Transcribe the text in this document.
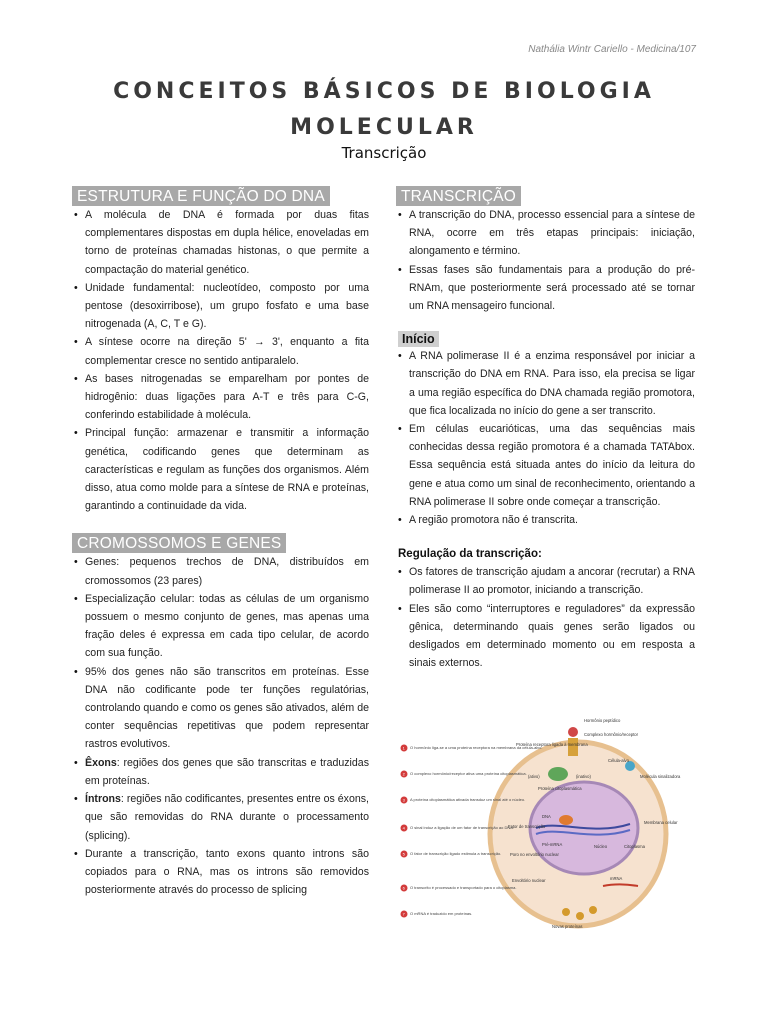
Nathália Wintr Cariello - Medicina/107
CONCEITOS BÁSICOS DE BIOLOGIA
MOLECULAR
Transcrição
ESTRUTURA E FUNÇÃO DO DNA
• A molécula de DNA é formada por duas fitas complementares dispostas em dupla hélice, enoveladas em torno de proteínas chamadas histonas, o que permite a compactação do material genético.
• Unidade fundamental: nucleotídeo, composto por uma pentose (desoxirribose), um grupo fosfato e uma base nitrogenada (A, C, T e G).
• A síntese ocorre na direção 5' → 3', enquanto a fita complementar cresce no sentido antiparalelo.
• As bases nitrogenadas se emparelham por pontes de hidrogênio: duas ligações para A-T e três para C-G, conferindo estabilidade à molécula.
• Principal função: armazenar e transmitir a informação genética, codificando genes que determinam as características e regulam as funções dos organismos. Além disso, atua como molde para a síntese de RNA e proteínas, garantindo a continuidade da vida.
CROMOSSOMOS E GENES
• Genes: pequenos trechos de DNA, distribuídos em cromossomos (23 pares)
• Especialização celular: todas as células de um organismo possuem o mesmo conjunto de genes, mas apenas uma fração deles é expressa em cada tipo celular, de acordo com sua função.
• 95% dos genes não são transcritos em proteínas. Esse DNA não codificante pode ter funções regulatórias, controlando quando e como os genes são ativados, além de conter sequências repetitivas que podem representar rastros evolutivos.
• Êxons: regiões dos genes que são transcritas e traduzidas em proteínas.
• Íntrons: regiões não codificantes, presentes entre os éxons, que são removidas do RNA durante o processamento (splicing).
• Durante a transcrição, tanto exons quanto introns são copiados para o RNA, mas os introns são removidos posteriormente através do processo de splicing
TRANSCRIÇÃO
• A transcrição do DNA, processo essencial para a síntese de RNA, ocorre em três etapas principais: iniciação, alongamento e término.
• Essas fases são fundamentais para a produção do pré-RNAm, que posteriormente será processado até se tornar um RNA mensageiro funcional.
Início
• A RNA polimerase II é a enzima responsável por iniciar a transcrição do DNA em RNA. Para isso, ela precisa se ligar a uma região específica do DNA chamada região promotora, que fica localizada no início do gene a ser transcrito.
• Em células eucarióticas, uma das sequências mais conhecidas dessa região promotora é a chamada TATAbox. Essa sequência está situada antes do início da leitura do gene e atua como um sinal de reconhecimento, orientando a RNA polimerase II sobre onde começar a transcrição.
• A região promotora não é transcrita.
Regulação da transcrição:
• Os fatores de transcrição ajudam a ancorar (recrutar) a RNA polimerase II ao promotor, iniciando a transcrição.
• Eles são como “interruptores e reguladores” da expressão gênica, determinando quais genes serão ligados ou desligados em determinado momento ou em resposta a sinais externos.
Hormônio peptídico
Complexo hormônio/receptor
Proteína receptora ligada à membrana
Célula-alvo
Molécula sinalizadora
Proteína citoplasmática
(ativo)	(inativo)
Fator de transcrição
DNA
Pré-mRNA	Núcleo	Citoplasma
Poro no envoltório nuclear
Envoltório nuclear	mRNA
Membrana celular
Novas proteínas
1 O hormônio liga-se a uma proteína receptora na membrana da célula-alvo.
2 O complexo hormônio/receptor ativa uma proteína citoplasmática.
3 A proteína citoplasmática ativada transduz um sinal até o núcleo.
4 O sinal induz a ligação de um fator de transcrição ao DNA.
5 O fator de transcrição ligado estimula a transcrição.
6 O transcrito é processado e transportado para o citoplasma.
7 O mRNA é traduzido em proteínas.
